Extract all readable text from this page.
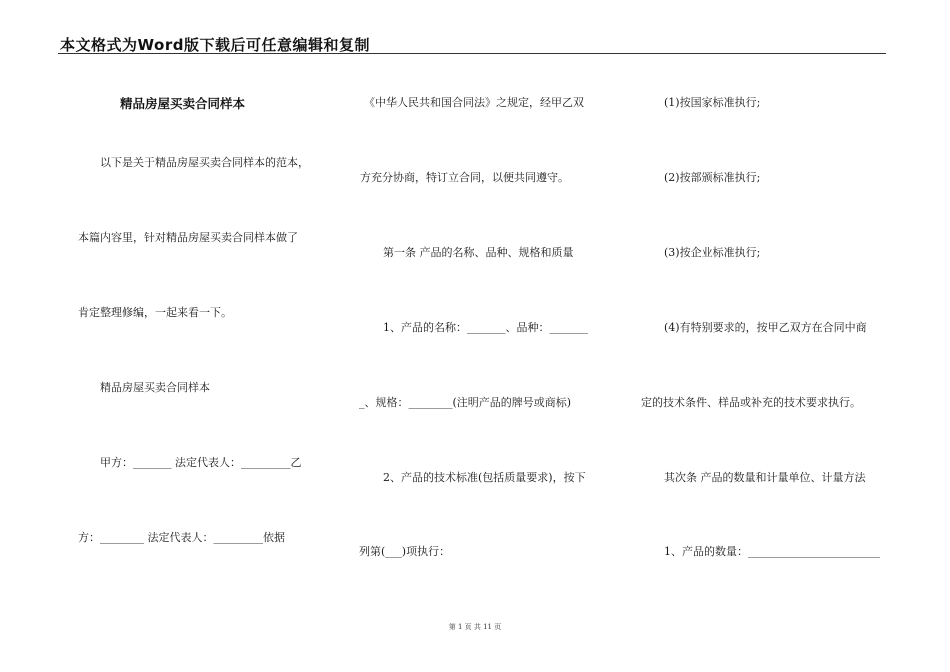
本文格式为Word版下载后可任意编辑和复制
精品房屋买卖合同样本
以下是关于精品房屋买卖合同样本的范本，
本篇内容里，针对精品房屋买卖合同样本做了
肯定整理修编，一起来看一下。
精品房屋买卖合同样本
甲方：_______ 法定代表人：_________乙
方：________ 法定代表人：_________依据
《中华人民共和国合同法》之规定，经甲乙双
方充分协商，特订立合同，以便共同遵守。
第一条 产品的名称、品种、规格和质量
1、产品的名称：_______、品种：_______
_、规格：________(注明产品的牌号或商标)
2、产品的技术标准(包括质量要求)，按下
列第(___)项执行：
(1)按国家标准执行;
(2)按部颁标准执行;
(3)按企业标准执行;
(4)有特别要求的，按甲乙双方在合同中商
定的技术条件、样品或补充的技术要求执行。
其次条 产品的数量和计量单位、计量方法
1、产品的数量：________________________
第 1 页 共 11 页
